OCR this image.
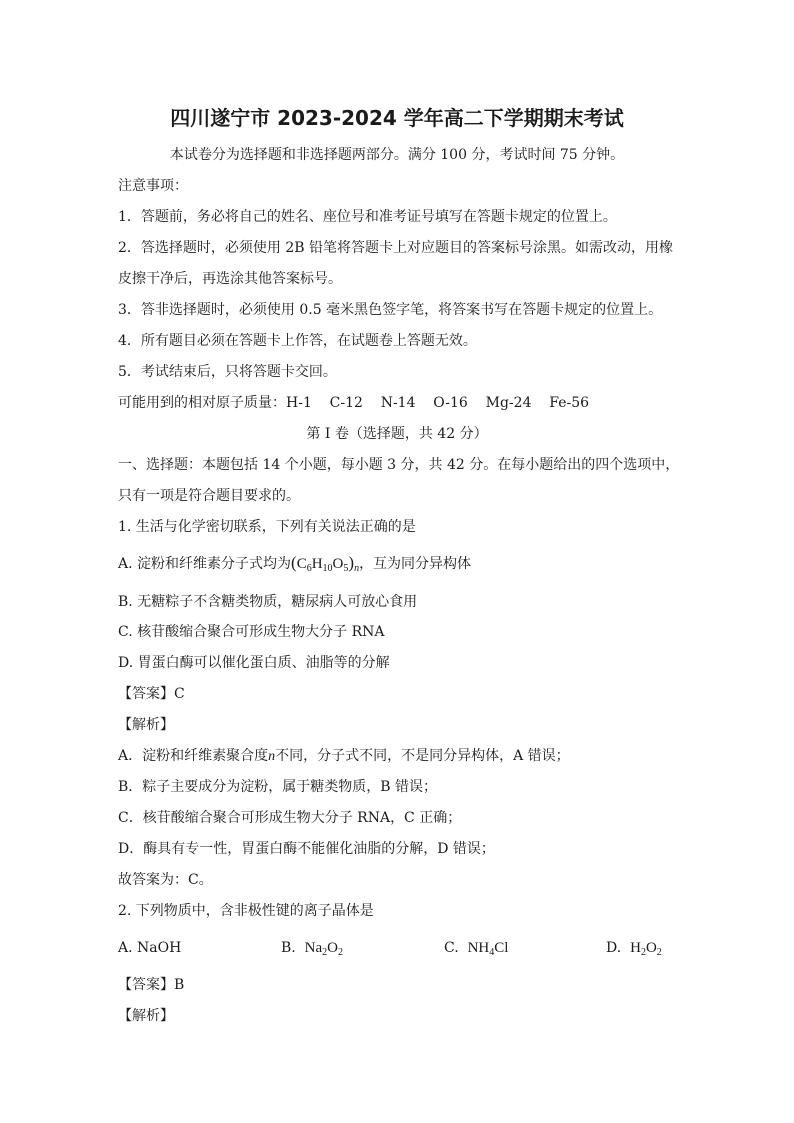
四川遂宁市 2023-2024 学年高二下学期期末考试
本试卷分为选择题和非选择题两部分。满分 100 分，考试时间 75 分钟。
注意事项：
1．答题前，务必将自己的姓名、座位号和准考证号填写在答题卡规定的位置上。
2．答选择题时，必须使用 2B 铅笔将答题卡上对应题目的答案标号涂黑。如需改动，用橡
皮擦干净后，再选涂其他答案标号。
3．答非选择题时，必须使用 0.5 毫米黑色签字笔，将答案书写在答题卡规定的位置上。
4．所有题目必须在答题卡上作答，在试题卷上答题无效。
5．考试结束后，只将答题卡交回。
可能用到的相对原子质量：H-1    C-12    N-14    O-16    Mg-24    Fe-56
第 I 卷（选择题，共 42 分）
一、选择题：本题包括 14 个小题，每小题 3 分，共 42 分。在每小题给出的四个选项中，
只有一项是符合题目要求的。
1. 生活与化学密切联系，下列有关说法正确的是
A. 淀粉和纤维素分子式均为$(C_6H_{10}O_5)_n$，互为同分异构体
B. 无糖粽子不含糖类物质，糖尿病人可放心食用
C. 核苷酸缩合聚合可形成生物大分子 RNA
D. 胃蛋白酶可以催化蛋白质、油脂等的分解
【答案】C
【解析】
A．淀粉和纤维素聚合度n不同，分子式不同，不是同分异构体，A 错误；
B．粽子主要成分为淀粉，属于糖类物质，B 错误；
C．核苷酸缩合聚合可形成生物大分子 RNA，C 正确；
D．酶具有专一性，胃蛋白酶不能催化油脂的分解，D 错误；
故答案为：C。
2. 下列物质中，含非极性键的离子晶体是
A. NaOH	B. $Na_2O_2$	C. $NH_4Cl$	D. $H_2O_2$
【答案】B
【解析】
